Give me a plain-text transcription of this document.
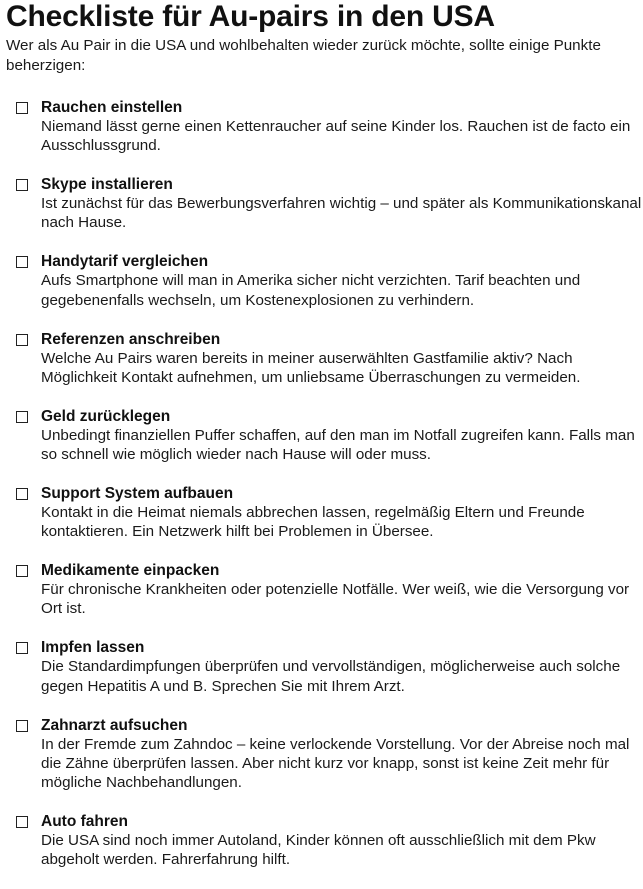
Checkliste für Au-pairs in den USA

Wer als Au Pair in die USA und wohlbehalten wieder zurück möchte, sollte einige Punkte beherzigen:

Rauchen einstellen
Niemand lässt gerne einen Kettenraucher auf seine Kinder los. Rauchen ist de facto ein Ausschlussgrund.
Skype installieren
Ist zunächst für das Bewerbungsverfahren wichtig – und später als Kommunikationskanal nach Hause.
Handytarif vergleichen
Aufs Smartphone will man in Amerika sicher nicht verzichten. Tarif beachten und gegebenenfalls wechseln, um Kostenexplosionen zu verhindern.
Referenzen anschreiben
Welche Au Pairs waren bereits in meiner auserwählten Gastfamilie aktiv? Nach Möglichkeit Kontakt aufnehmen, um unliebsame Überraschungen zu vermeiden.
Geld zurücklegen
Unbedingt finanziellen Puffer schaffen, auf den man im Notfall zugreifen kann. Falls man so schnell wie möglich wieder nach Hause will oder muss.
Support System aufbauen
Kontakt in die Heimat niemals abbrechen lassen, regelmäßig Eltern und Freunde kontaktieren. Ein Netzwerk hilft bei Problemen in Übersee.
Medikamente einpacken
Für chronische Krankheiten oder potenzielle Notfälle. Wer weiß, wie die Versorgung vor Ort ist.
Impfen lassen
Die Standardimpfungen überprüfen und vervollständigen, möglicherweise auch solche gegen Hepatitis A und B. Sprechen Sie mit Ihrem Arzt.
Zahnarzt aufsuchen
In der Fremde zum Zahndoc – keine verlockende Vorstellung. Vor der Abreise noch mal die Zähne überprüfen lassen. Aber nicht kurz vor knapp, sonst ist keine Zeit mehr für mögliche Nachbehandlungen.
Auto fahren
Die USA sind noch immer Autoland, Kinder können oft ausschließlich mit dem Pkw abgeholt werden. Fahrerfahrung hilft.
